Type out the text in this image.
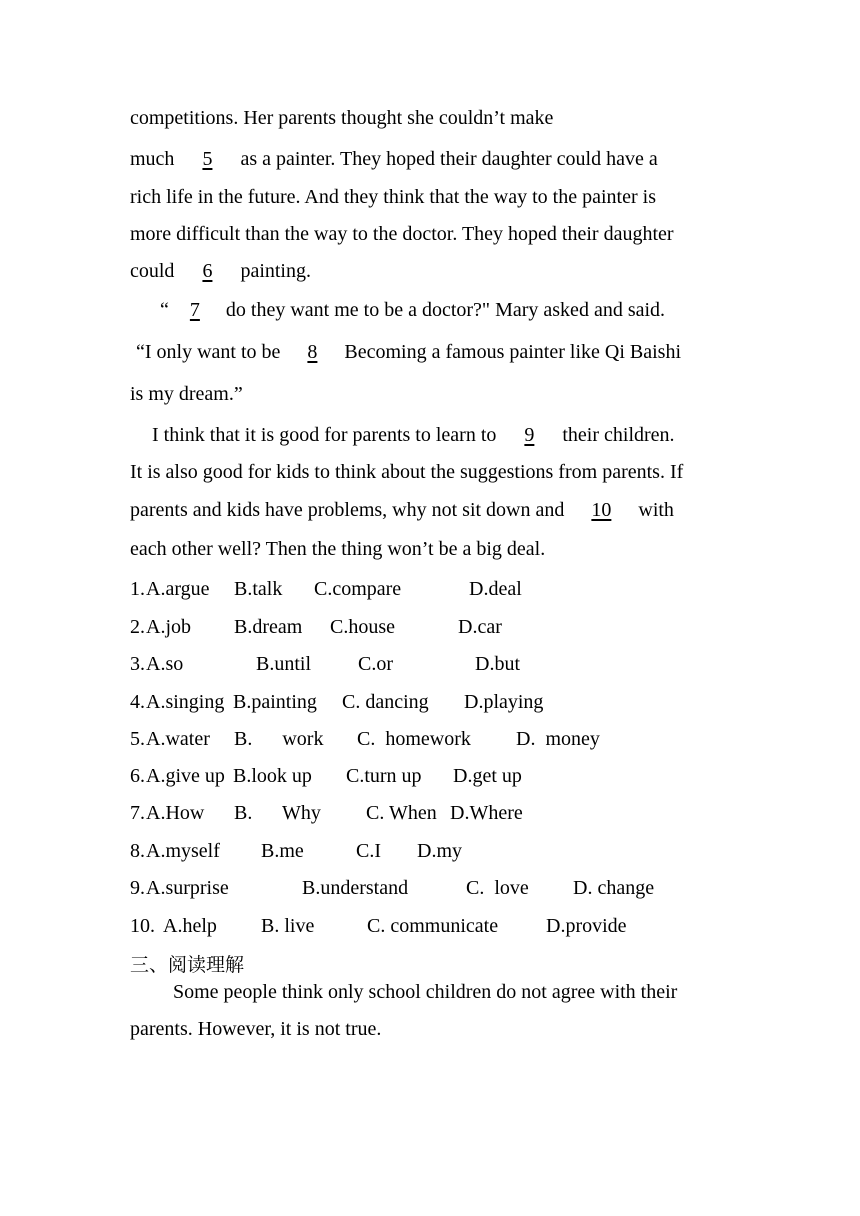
competitions. Her parents thought she couldn’t make
much 5 as a painter. They hoped their daughter could have a
rich life in the future. And they think that the way to the painter is
more difficult than the way to the doctor. They hoped their daughter
could 6 painting.
“ 7 do they want me to be a doctor?" Mary asked and said.
“I only want to be 8 Becoming a famous painter like Qi Baishi
is my dream.”
I think that it is good for parents to learn to 9 their children.
It is also good for kids to think about the suggestions from parents. If
parents and kids have problems, why not sit down and 10 with
each other well? Then the thing won’t be a big deal.
1. A.argue B.talk C.compare	D.deal
2. A.job B.dream C.house	D.car
3. A.so	B.until C.or	D.but
4. A.singing B.painting C. dancing D.playing
5. A.water B.      work C.  homework D.  money
6. A.give up B.look up C.turn up D.get up
7. A.How B.      Why C. When D.Where
8. A.myself B.me	C.I D.my
9. A.surprise	B.understand	C.  love D. change
10. A.help B. live	C. communicate D.provide
三、阅读理解
Some people think only school children do not agree with their
parents. However, it is not true.
